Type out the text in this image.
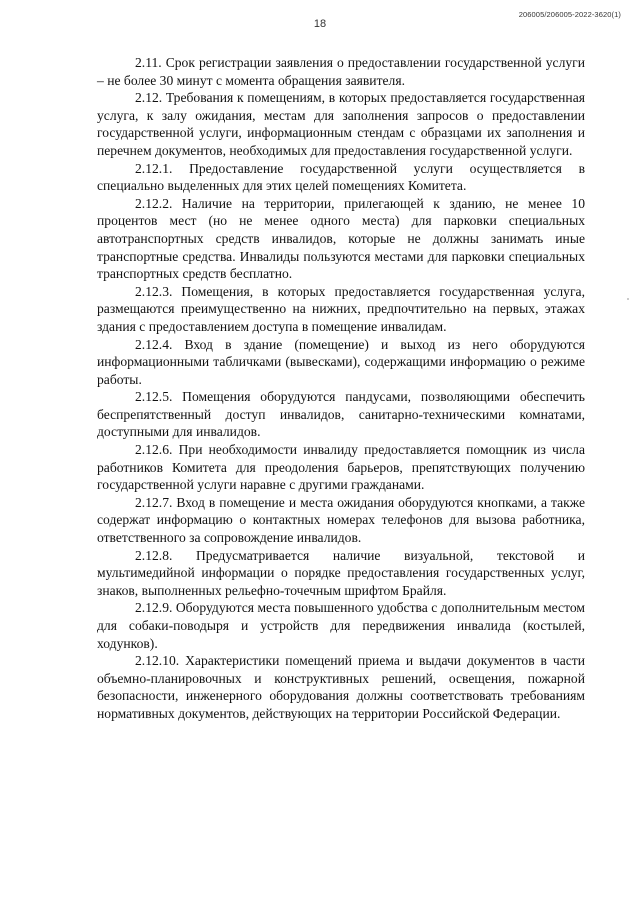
18
206005/206005-2022-3620(1)

2.11. Срок регистрации заявления о предоставлении государственной услуги – не более 30 минут с момента обращения заявителя.

2.12. Требования к помещениям, в которых предоставляется государственная услуга, к залу ожидания, местам для заполнения запросов о предоставлении государственной услуги, информационным стендам с образцами их заполнения и перечнем документов, необходимых для предоставления государственной услуги.

2.12.1. Предоставление государственной услуги осуществляется в специально выделенных для этих целей помещениях Комитета.

2.12.2. Наличие на территории, прилегающей к зданию, не менее 10 процентов мест (но не менее одного места) для парковки специальных автотранспортных средств инвалидов, которые не должны занимать иные транспортные средства. Инвалиды пользуются местами для парковки специальных транспортных средств бесплатно.

2.12.3. Помещения, в которых предоставляется государственная услуга, размещаются преимущественно на нижних, предпочтительно на первых, этажах здания с предоставлением доступа в помещение инвалидам.

2.12.4. Вход в здание (помещение) и выход из него оборудуются информационными табличками (вывесками), содержащими информацию о режиме работы.

2.12.5. Помещения оборудуются пандусами, позволяющими обеспечить беспрепятственный доступ инвалидов, санитарно-техническими комнатами, доступными для инвалидов.

2.12.6. При необходимости инвалиду предоставляется помощник из числа работников Комитета для преодоления барьеров, препятствующих получению государственной услуги наравне с другими гражданами.

2.12.7. Вход в помещение и места ожидания оборудуются кнопками, а также содержат информацию о контактных номерах телефонов для вызова работника, ответственного за сопровождение инвалидов.

2.12.8. Предусматривается наличие визуальной, текстовой и мультимедийной информации о порядке предоставления государственных услуг, знаков, выполненных рельефно-точечным шрифтом Брайля.

2.12.9. Оборудуются места повышенного удобства с дополнительным местом для собаки-поводыря и устройств для передвижения инвалида (костылей, ходунков).

2.12.10. Характеристики помещений приема и выдачи документов в части объемно-планировочных и конструктивных решений, освещения, пожарной безопасности, инженерного оборудования должны соответствовать требованиям нормативных документов, действующих на территории Российской Федерации.
